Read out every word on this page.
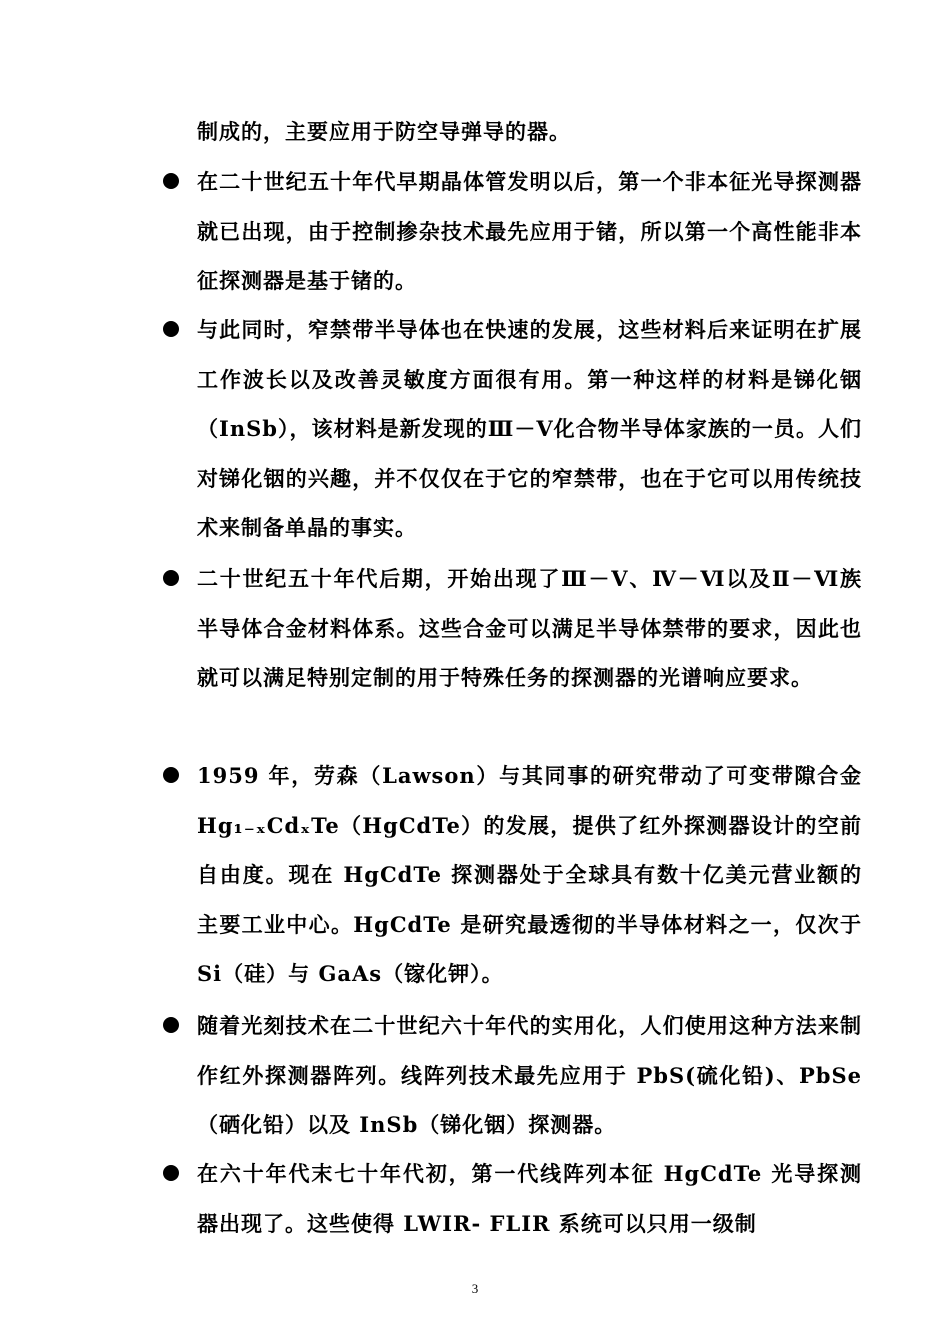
制成的，主要应用于防空导弹导的器。
在二十世纪五十年代早期晶体管发明以后，第一个非本征光导探测器就已出现，由于控制掺杂技术最先应用于锗，所以第一个高性能非本征探测器是基于锗的。
与此同时，窄禁带半导体也在快速的发展，这些材料后来证明在扩展工作波长以及改善灵敏度方面很有用。第一种这样的材料是锑化铟（InSb），该材料是新发现的Ⅲ－Ⅴ化合物半导体家族的一员。人们对锑化铟的兴趣，并不仅仅在于它的窄禁带，也在于它可以用传统技术来制备单晶的事实。
二十世纪五十年代后期，开始出现了Ⅲ－Ⅴ、Ⅳ－Ⅵ以及Ⅱ－Ⅵ族半导体合金材料体系。这些合金可以满足半导体禁带的要求，因此也就可以满足特别定制的用于特殊任务的探测器的光谱响应要求。
1959 年，劳森（Lawson）与其同事的研究带动了可变带隙合金 Hg₁₋ₓCdₓTe（HgCdTe）的发展，提供了红外探测器设计的空前自由度。现在 HgCdTe 探测器处于全球具有数十亿美元营业额的主要工业中心。HgCdTe 是研究最透彻的半导体材料之一，仅次于 Si（硅）与 GaAs（镓化钾）。
随着光刻技术在二十世纪六十年代的实用化，人们使用这种方法来制作红外探测器阵列。线阵列技术最先应用于 PbS(硫化铅)、PbSe（硒化铅）以及 InSb（锑化铟）探测器。
在六十年代末七十年代初，第一代线阵列本征 HgCdTe 光导探测器出现了。这些使得 LWIR- FLIR 系统可以只用一级制
3
